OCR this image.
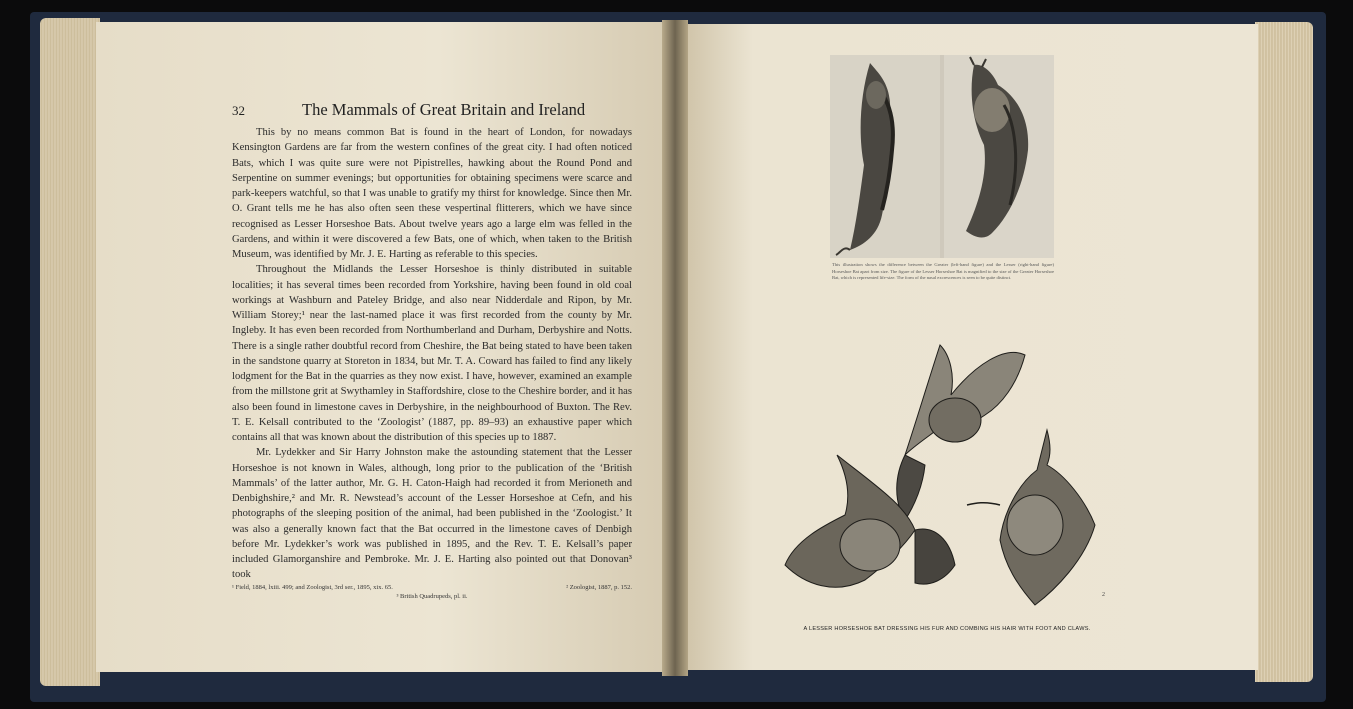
32	The Mammals of Great Britain and Ireland

This by no means common Bat is found in the heart of London, for nowadays Kensington Gardens are far from the western confines of the great city. I had often noticed Bats, which I was quite sure were not Pipistrelles, hawking about the Round Pond and Serpentine on summer evenings; but opportunities for obtaining specimens were scarce and park-keepers watchful, so that I was unable to gratify my thirst for knowledge. Since then Mr. O. Grant tells me he has also often seen these vespertinal flitterers, which we have since recognised as Lesser Horseshoe Bats. About twelve years ago a large elm was felled in the Gardens, and within it were discovered a few Bats, one of which, when taken to the British Museum, was identified by Mr. J. E. Harting as referable to this species.

Throughout the Midlands the Lesser Horseshoe is thinly distributed in suitable localities; it has several times been recorded from Yorkshire, having been found in old coal workings at Washburn and Pateley Bridge, and also near Nidderdale and Ripon, by Mr. William Storey;¹ near the last-named place it was first recorded from the county by Mr. Ingleby. It has even been recorded from Northumberland and Durham, Derbyshire and Notts. There is a single rather doubtful record from Cheshire, the Bat being stated to have been taken in the sandstone quarry at Storeton in 1834, but Mr. T. A. Coward has failed to find any likely lodgment for the Bat in the quarries as they now exist. I have, however, examined an example from the millstone grit at Swythamley in Staffordshire, close to the Cheshire border, and it has also been found in limestone caves in Derbyshire, in the neighbourhood of Buxton. The Rev. T. E. Kelsall contributed to the ‘Zoologist’ (1887, pp. 89–93) an exhaustive paper which contains all that was known about the distribution of this species up to 1887.

Mr. Lydekker and Sir Harry Johnston make the astounding statement that the Lesser Horseshoe is not known in Wales, although, long prior to the publication of the ‘British Mammals’ of the latter author, Mr. G. H. Caton-Haigh had recorded it from Merioneth and Denbighshire,² and Mr. R. Newstead’s account of the Lesser Horseshoe at Cefn, and his photographs of the sleeping position of the animal, had been published in the ‘Zoologist.’ It was also a generally known fact that the Bat occurred in the limestone caves of Denbigh before Mr. Lydekker’s work was published in 1895, and the Rev. T. E. Kelsall’s paper included Glamorganshire and Pembroke. Mr. J. E. Harting also pointed out that Donovan³ took

¹ Field, 1884, lxiii. 499; and Zoologist, 3rd ser., 1895, xix. 65.	² Zoologist, 1887, p. 152.
³ British Quadrupeds, pl. ii.
This illustration shows the difference between the Greater (left-hand figure) and the Lesser (right-hand figure) Horseshoe Bat apart from size. The figure of the Lesser Horseshoe Bat is magnified to the size of the Greater Horseshoe Bat, which is represented life-size. The form of the nasal excrescences is seen to be quite distinct.
2
A LESSER HORSESHOE BAT DRESSING HIS FUR AND COMBING HIS HAIR WITH FOOT AND CLAWS.
